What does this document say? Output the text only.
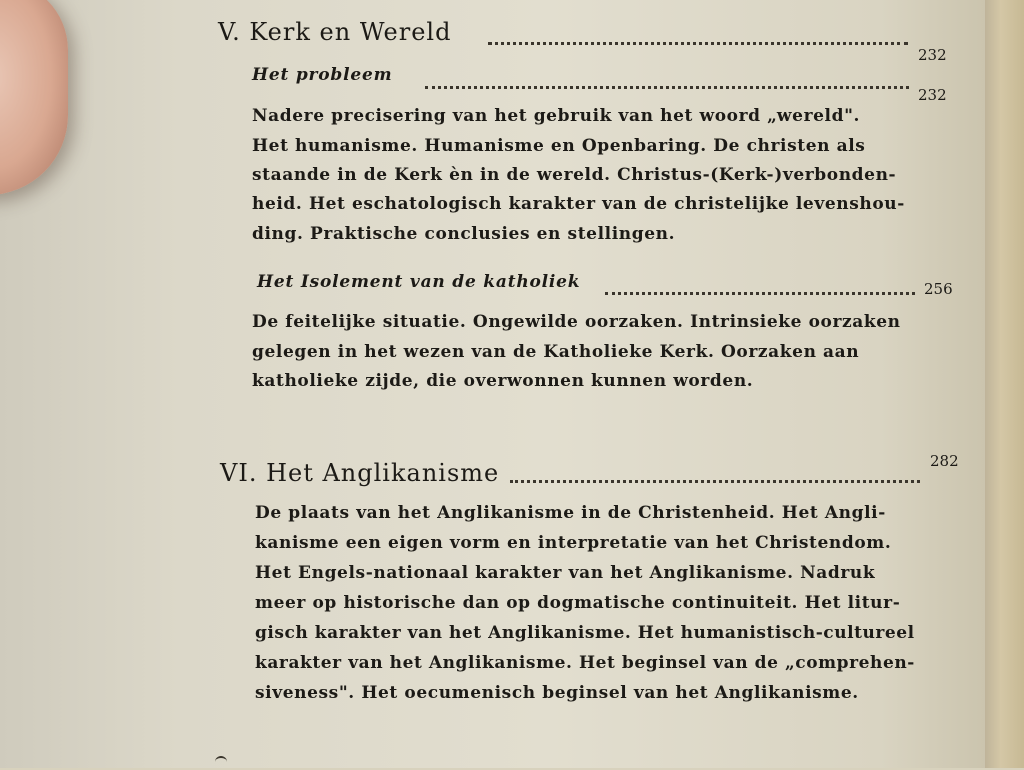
V. Kerk en Wereld
232
Het probleem
232
Nadere precisering van het gebruik van het woord „wereld".
Het humanisme. Humanisme en Openbaring. De christen als
staande in de Kerk èn in de wereld. Christus-(Kerk-)verbonden-
heid. Het eschatologisch karakter van de christelijke levenshou-
ding. Praktische conclusies en stellingen.
Het Isolement van de katholiek	256
De feitelijke situatie. Ongewilde oorzaken. Intrinsieke oorzaken
gelegen in het wezen van de Katholieke Kerk. Oorzaken aan
katholieke zijde, die overwonnen kunnen worden.
VI. Het Anglikanisme	282
De plaats van het Anglikanisme in de Christenheid. Het Angli-
kanisme een eigen vorm en interpretatie van het Christendom.
Het Engels-nationaal karakter van het Anglikanisme. Nadruk
meer op historische dan op dogmatische continuiteit. Het litur-
gisch karakter van het Anglikanisme. Het humanistisch-cultureel
karakter van het Anglikanisme. Het beginsel van de „comprehen-
siveness". Het oecumenisch beginsel van het Anglikanisme.
